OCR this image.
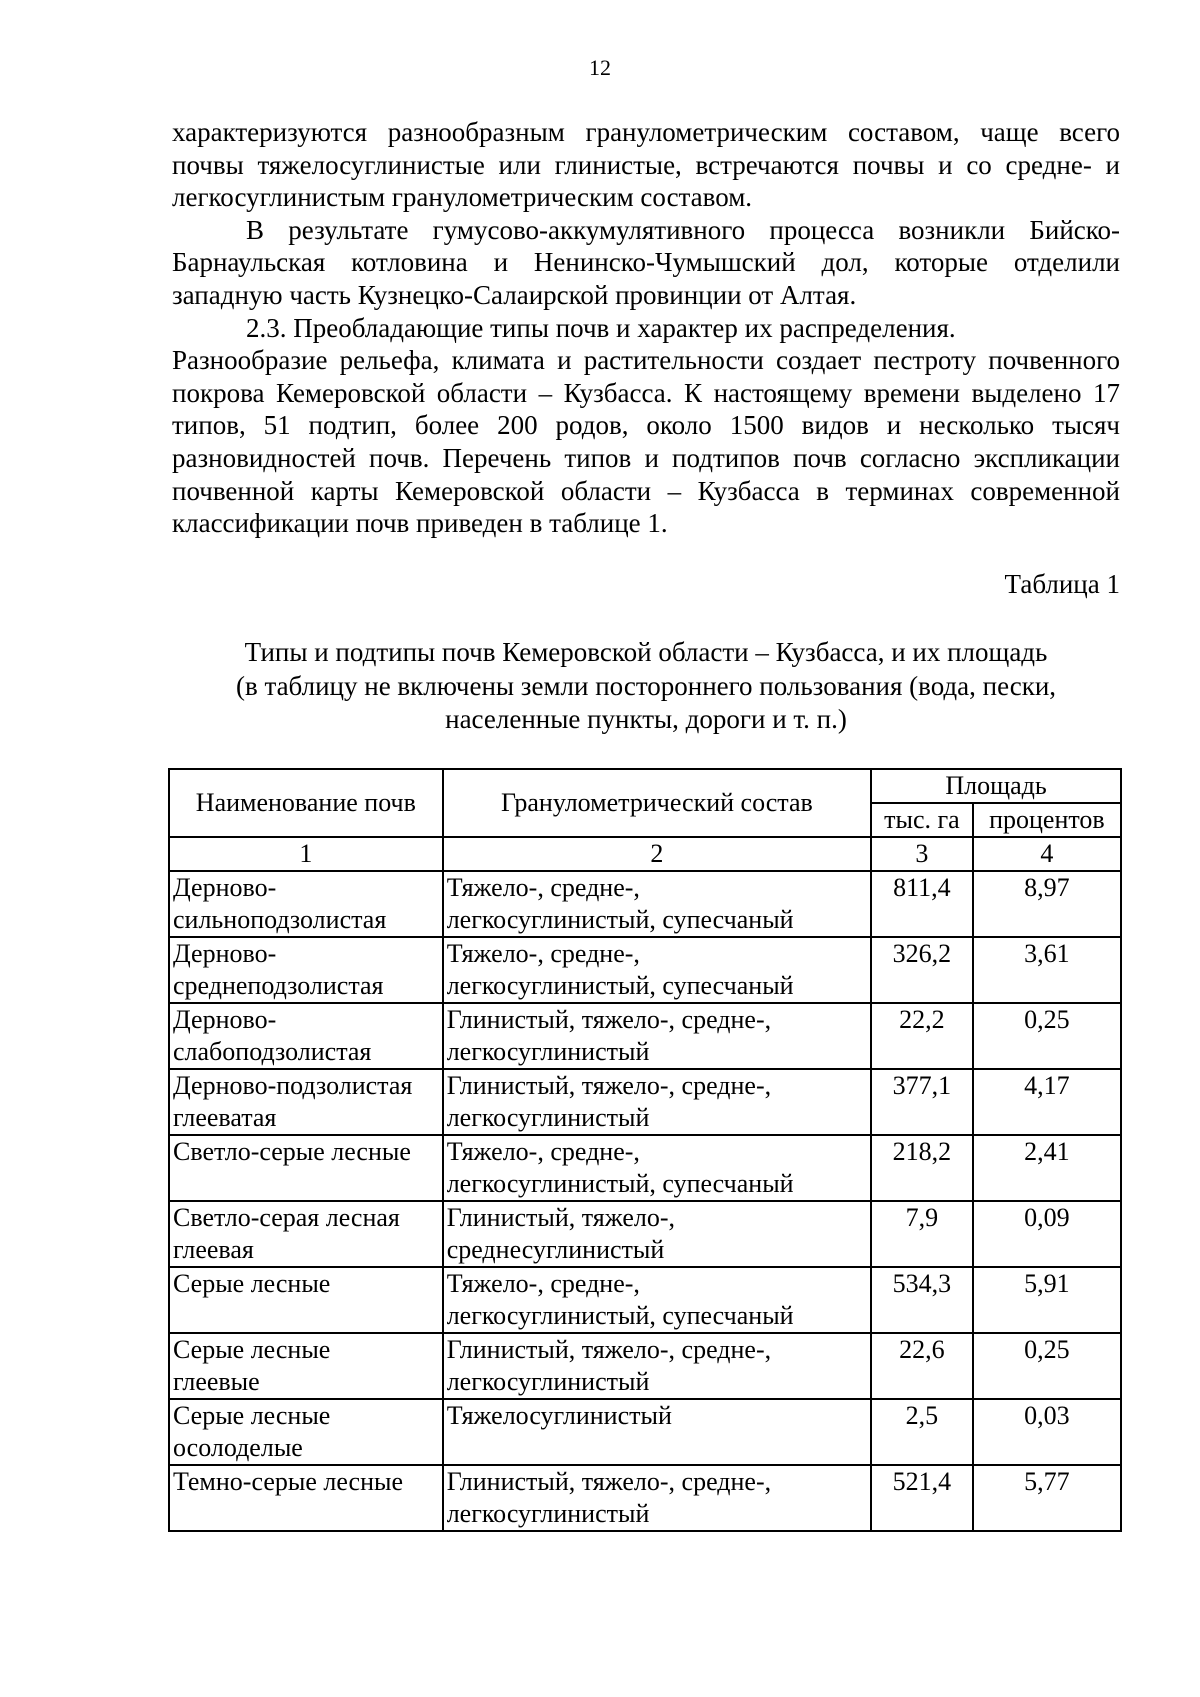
12

характеризуются разнообразным гранулометрическим составом, чаще всего почвы тяжелосуглинистые или глинистые, встречаются почвы и со средне- и легкосуглинистым гранулометрическим составом.

В результате гумусово-аккумулятивного процесса возникли Бийско-Барнаульская котловина и Ненинско-Чумышский дол, которые отделили западную часть Кузнецко-Салаирской провинции от Алтая.

2.3. Преобладающие типы почв и характер их распределения.

Разнообразие рельефа, климата и растительности создает пестроту почвенного покрова Кемеровской области – Кузбасса. К настоящему времени выделено 17 типов, 51 подтип, более 200 родов, около 1500 видов и несколько тысяч разновидностей почв. Перечень типов и подтипов почв согласно экспликации почвенной карты Кемеровской области – Кузбасса в терминах современной классификации почв приведен в таблице 1.

Таблица 1

Типы и подтипы почв Кемеровской области – Кузбасса, и их площадь

(в таблицу не включены земли постороннего пользования (вода, пески,

населенные пункты, дороги и т. п.)

Наименование почв	Гранулометрический состав	Площадь	
		тыс. га	процентов
1	2	3	4

Дерново-
сильноподзолистая	Тяжело-, средне-,
легкосуглинистый, супесчаный	811,4	8,97

Дерново-
среднеподзолистая	Тяжело-, средне-,
легкосуглинистый, супесчаный	326,2	3,61

Дерново-
слабоподзолистая	Глинистый, тяжело-, средне-,
легкосуглинистый	22,2	0,25

Дерново-подзолистая
глееватая	Глинистый, тяжело-, средне-,
легкосуглинистый	377,1	4,17

Светло-серые лесные	Тяжело-, средне-,
легкосуглинистый, супесчаный	218,2	2,41

Светло-серая лесная
глеевая	Глинистый, тяжело-,
среднесуглинистый	7,9	0,09

Серые лесные	Тяжело-, средне-,
легкосуглинистый, супесчаный	534,3	5,91

Серые лесные
глеевые	Глинистый, тяжело-, средне-,
легкосуглинистый	22,6	0,25

Серые лесные
осолоделые	Тяжелосуглинистый	2,5	0,03

Темно-серые лесные	Глинистый, тяжело-, средне-,
легкосуглинистый	521,4	5,77
